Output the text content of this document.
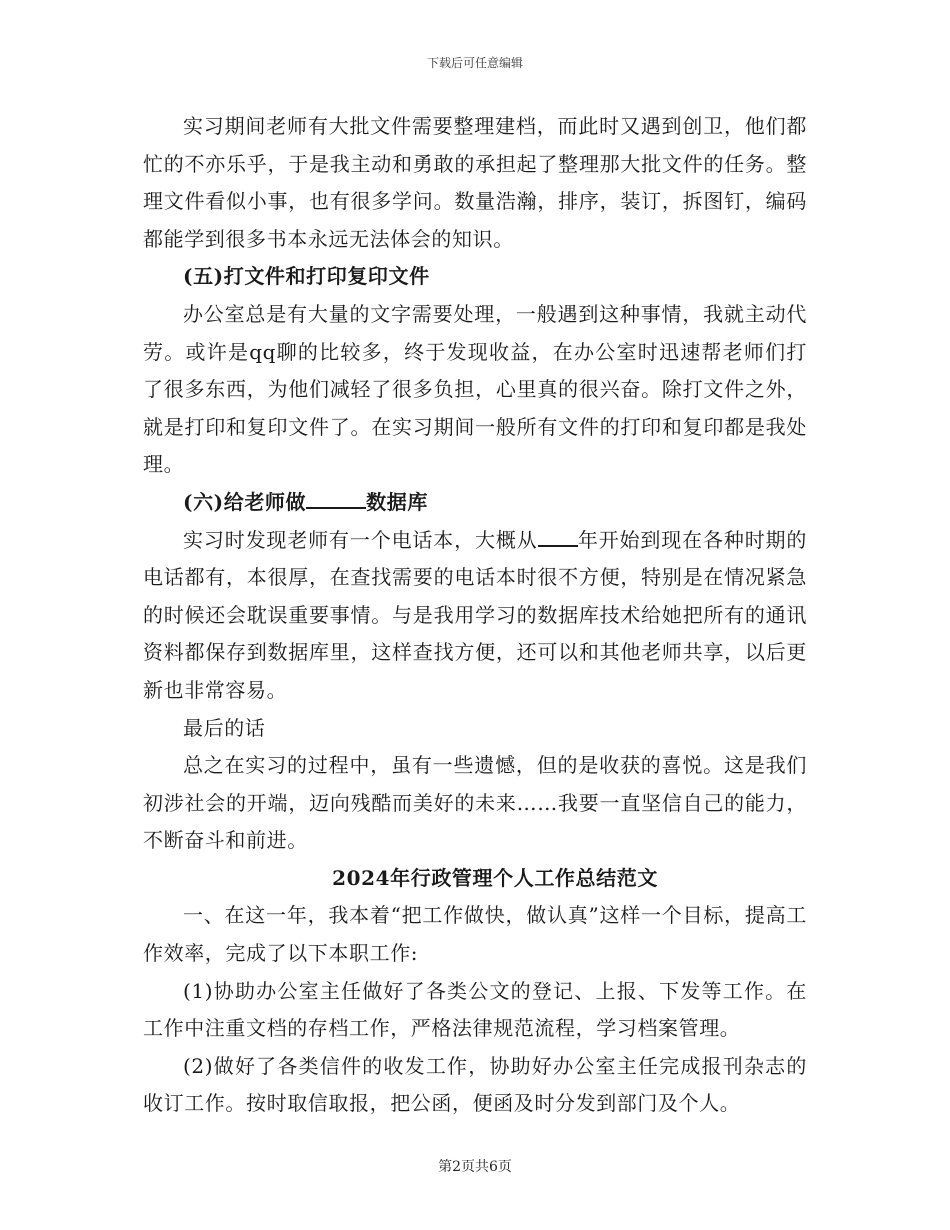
下载后可任意编辑

实习期间老师有大批文件需要整理建档，而此时又遇到创卫，他们都忙的不亦乐乎，于是我主动和勇敢的承担起了整理那大批文件的任务。整理文件看似小事，也有很多学问。数量浩瀚，排序，装订，拆图钉，编码都能学到很多书本永远无法体会的知识。

(五)打文件和打印复印文件

办公室总是有大量的文字需要处理，一般遇到这种事情，我就主动代劳。或许是qq聊的比较多，终于发现收益，在办公室时迅速帮老师们打了很多东西，为他们减轻了很多负担，心里真的很兴奋。除打文件之外，就是打印和复印文件了。在实习期间一般所有文件的打印和复印都是我处理。

(六)给老师做	数据库

实习时发现老师有一个电话本，大概从 年开始到现在各种时期的电话都有，本很厚，在查找需要的电话本时很不方便，特别是在情况紧急的时候还会耽误重要事情。与是我用学习的数据库技术给她把所有的通讯资料都保存到数据库里，这样查找方便，还可以和其他老师共享，以后更新也非常容易。

最后的话

总之在实习的过程中，虽有一些遗憾，但的是收获的喜悦。这是我们初涉社会的开端，迈向残酷而美好的未来……我要一直坚信自己的能力，不断奋斗和前进。

2024年行政管理个人工作总结范文

一、在这一年，我本着“把工作做快，做认真”这样一个目标，提高工作效率，完成了以下本职工作:

(1)协助办公室主任做好了各类公文的登记、上报、下发等工作。在工作中注重文档的存档工作，严格法律规范流程，学习档案管理。

(2)做好了各类信件的收发工作，协助好办公室主任完成报刊杂志的收订工作。按时取信取报，把公函，便函及时分发到部门及个人。

第2页共6页
